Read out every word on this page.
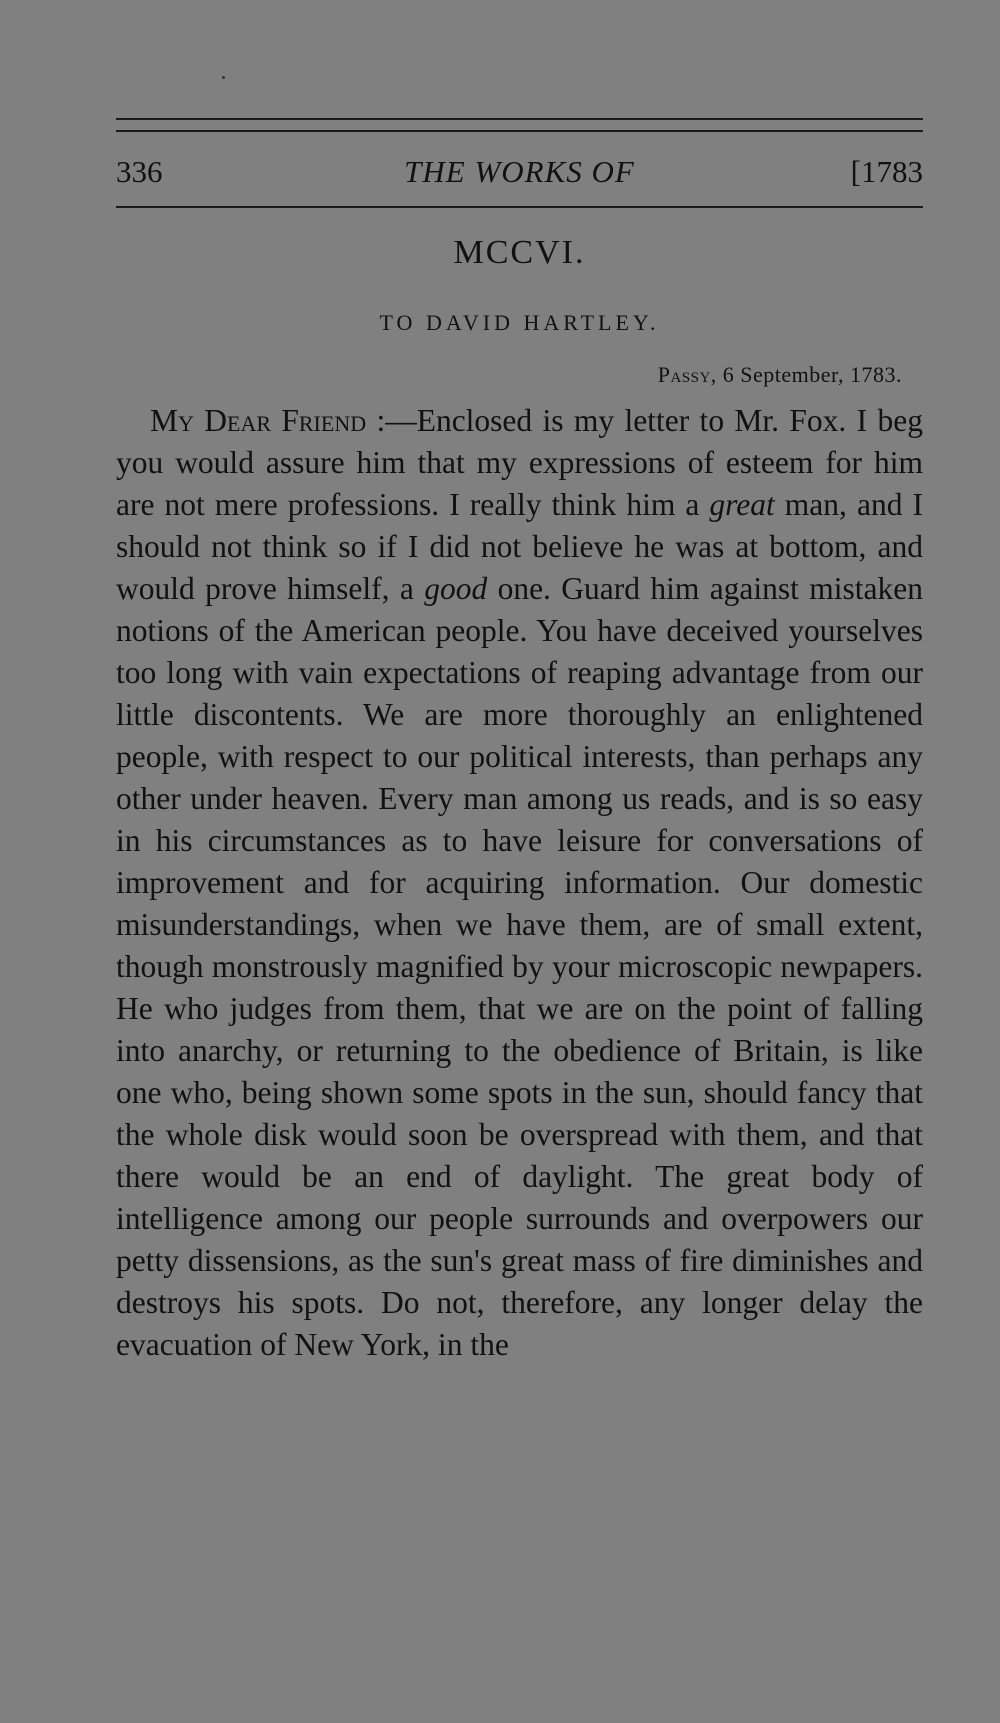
336	THE WORKS OF	[1783
MCCVI.
TO DAVID HARTLEY.
Passy, 6 September, 1783.

My Dear Friend :—Enclosed is my letter to Mr. Fox. I beg you would assure him that my expressions of esteem for him are not mere professions. I really think him a great man, and I should not think so if I did not believe he was at bottom, and would prove himself, a good one. Guard him against mistaken notions of the American people. You have deceived yourselves too long with vain expectations of reaping advantage from our little discontents. We are more thoroughly an enlightened people, with respect to our political interests, than perhaps any other under heaven. Every man among us reads, and is so easy in his circumstances as to have leisure for conversations of improvement and for acquiring information. Our domestic misunderstandings, when we have them, are of small extent, though monstrously magnified by your microscopic newpapers. He who judges from them, that we are on the point of falling into anarchy, or returning to the obedience of Britain, is like one who, being shown some spots in the sun, should fancy that the whole disk would soon be overspread with them, and that there would be an end of daylight. The great body of intelligence among our people surrounds and overpowers our petty dissensions, as the sun's great mass of fire diminishes and destroys his spots. Do not, therefore, any longer delay the evacuation of New York, in the
